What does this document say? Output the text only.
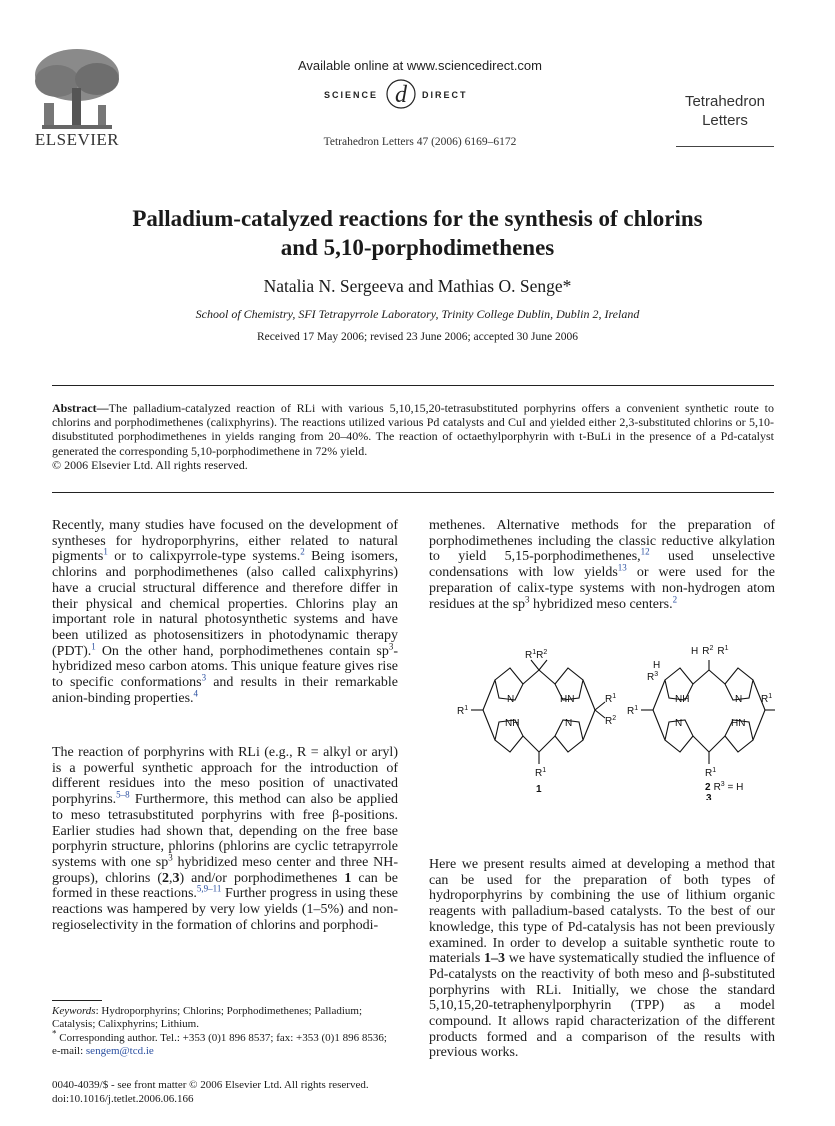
ELSEVIER
Available online at www.sciencedirect.com
SCIENCE d DIRECT
Tetrahedron Letters 47 (2006) 6169–6172
Tetrahedron
Letters
Palladium-catalyzed reactions for the synthesis of chlorins
and 5,10-porphodimethenes
Natalia N. Sergeeva and Mathias O. Senge*
School of Chemistry, SFI Tetrapyrrole Laboratory, Trinity College Dublin, Dublin 2, Ireland
Received 17 May 2006; revised 23 June 2006; accepted 30 June 2006
Abstract—The palladium-catalyzed reaction of RLi with various 5,10,15,20-tetrasubstituted porphyrins offers a convenient synthetic route to chlorins and porphodimethenes (calixphyrins). The reactions utilized various Pd catalysts and CuI and yielded either 2,3-substituted chlorins or 5,10-disubstituted porphodimethenes in yields ranging from 20–40%. The reaction of octaethylporphyrin with t-BuLi in the presence of a Pd-catalyst generated the corresponding 5,10-porphodimethene in 72% yield.
© 2006 Elsevier Ltd. All rights reserved.
Recently, many studies have focused on the development of syntheses for hydroporphyrins, either related to natural pigments$^1$ or to calixpyrrole-type systems.$^2$ Being isomers, chlorins and porphodimethenes (also called calixphyrins) have a crucial structural difference and therefore differ in their physical and chemical properties. Chlorins play an important role in natural photosynthetic systems and have been utilized as photosensitizers in photodynamic therapy (PDT).$^1$ On the other hand, porphodimethenes contain $sp^3$-hybridized meso carbon atoms. This unique feature gives rise to specific conformations$^3$ and results in their remarkable anion-binding properties.$^4$
The reaction of porphyrins with RLi (e.g., R = alkyl or aryl) is a powerful synthetic approach for the introduction of different residues into the meso position of unactivated porphyrins.$^{5-8}$ Furthermore, this method can also be applied to meso tetrasubstituted porphyrins with free β-positions. Earlier studies had shown that, depending on the free base porphyrin structure, phlorins (phlorins are cyclic tetrapyrrole systems with one $sp^3$ hybridized meso center and three NH-groups), chlorins (2,3) and/or porphodimethenes 1 can be formed in these reactions.$^{5,9-11}$ Further progress in using these reactions was hampered by very low yields (1–5%) and non-regioselectivity in the formation of chlorins and porphodi-
methenes. Alternative methods for the preparation of porphodimethenes including the classic reductive alkylation to yield 5,15-porphodimethenes,$^{12}$ used unselective condensations with low yields$^{13}$ or were used for the preparation of calix-type systems with non-hydrogen atom residues at the $sp^3$ hybridized meso centers.$^2$
$R^1R^2$
N	HN
NH	N
$R^1$
$R^1$
$R^2$
$R^1$
1
H $R^2$ $R^1$
H
$R^3$
NH	N
N	HN
$R^1$
$R^1$
$R^1$
2 $R^3 = H$
3
Here we present results aimed at developing a method that can be used for the preparation of both types of hydroporphyrins by combining the use of lithium organic reagents with palladium-based catalysts. To the best of our knowledge, this type of Pd-catalysis has not been previously examined. In order to develop a suitable synthetic route to materials 1–3 we have systematically studied the influence of Pd-catalysts on the reactivity of both meso and β-substituted porphyrins with RLi. Initially, we chose the standard 5,10,15,20-tetraphenylporphyrin (TPP) as a model compound. It allows rapid characterization of the different products formed and a comparison of the results with previous works.
Keywords: Hydroporphyrins; Chlorins; Porphodimethenes; Palladium; Catalysis; Calixphyrins; Lithium.
* Corresponding author. Tel.: +353 (0)1 896 8537; fax: +353 (0)1 896 8536; e-mail: sengem@tcd.ie
0040-4039/$ - see front matter © 2006 Elsevier Ltd. All rights reserved.
doi:10.1016/j.tetlet.2006.06.166
